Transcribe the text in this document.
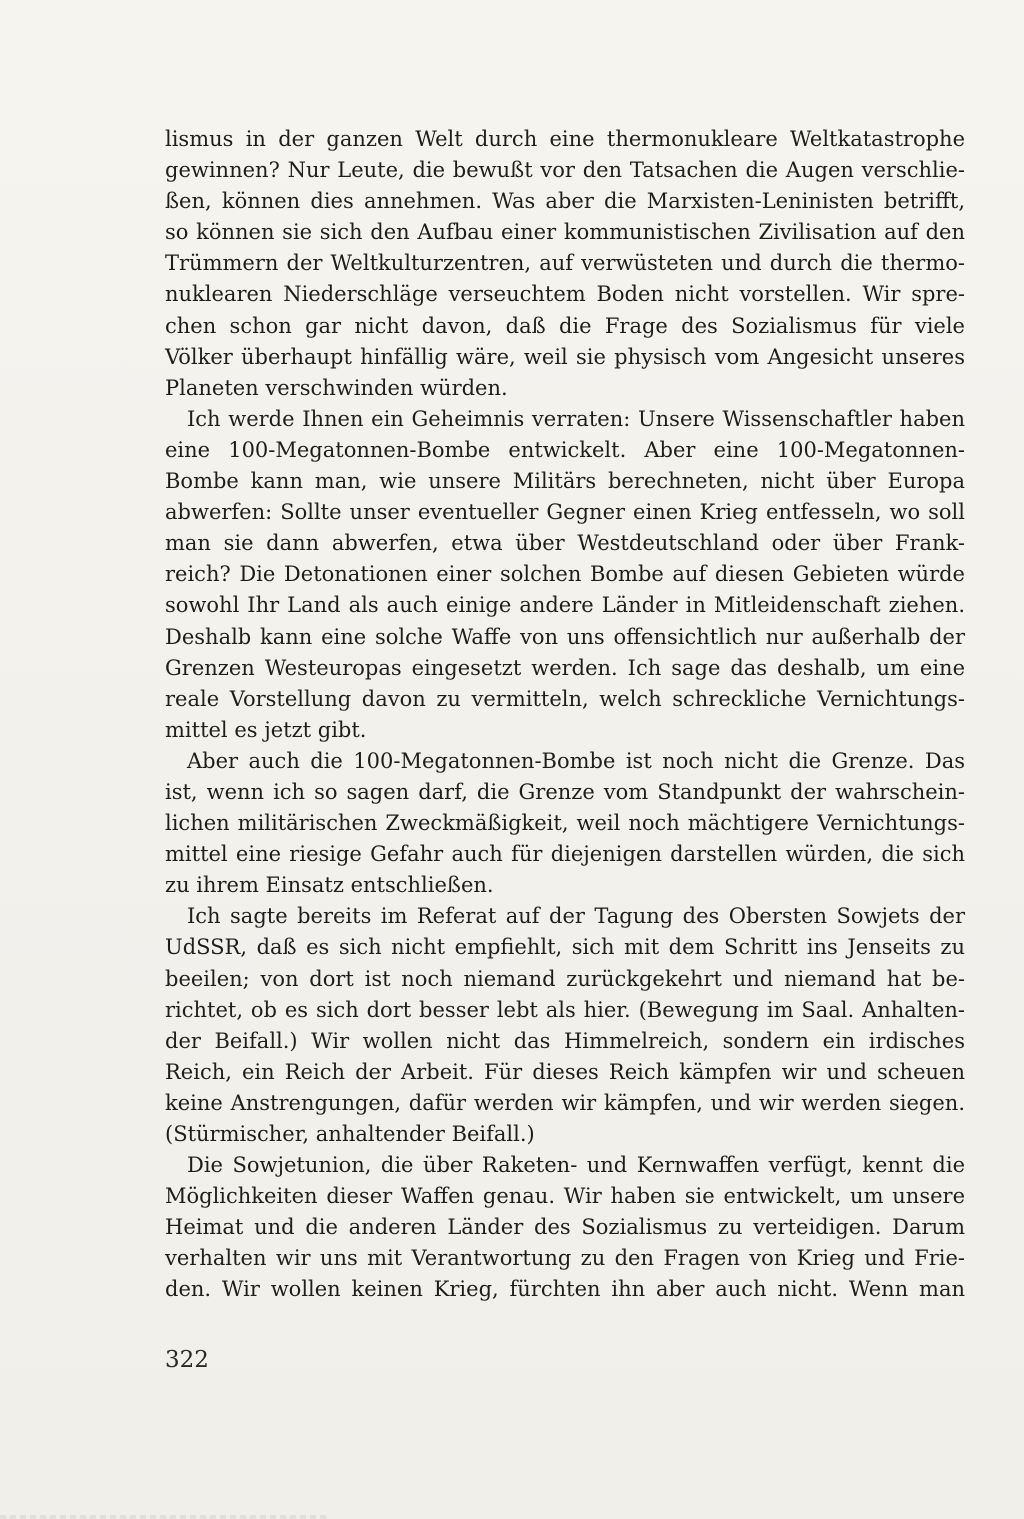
lismus in der ganzen Welt durch eine thermonukleare Weltkatastrophe
gewinnen? Nur Leute, die bewußt vor den Tatsachen die Augen verschlie-
ßen, können dies annehmen. Was aber die Marxisten-Leninisten betrifft,
so können sie sich den Aufbau einer kommunistischen Zivilisation auf den
Trümmern der Weltkulturzentren, auf verwüsteten und durch die thermo-
nuklearen Niederschläge verseuchtem Boden nicht vorstellen. Wir spre-
chen schon gar nicht davon, daß die Frage des Sozialismus für viele
Völker überhaupt hinfällig wäre, weil sie physisch vom Angesicht unseres
Planeten verschwinden würden.
Ich werde Ihnen ein Geheimnis verraten: Unsere Wissenschaftler haben
eine 100-Megatonnen-Bombe entwickelt. Aber eine 100-Megatonnen-
Bombe kann man, wie unsere Militärs berechneten, nicht über Europa
abwerfen: Sollte unser eventueller Gegner einen Krieg entfesseln, wo soll
man sie dann abwerfen, etwa über Westdeutschland oder über Frank-
reich? Die Detonationen einer solchen Bombe auf diesen Gebieten würde
sowohl Ihr Land als auch einige andere Länder in Mitleidenschaft ziehen.
Deshalb kann eine solche Waffe von uns offensichtlich nur außerhalb der
Grenzen Westeuropas eingesetzt werden. Ich sage das deshalb, um eine
reale Vorstellung davon zu vermitteln, welch schreckliche Vernichtungs-
mittel es jetzt gibt.
Aber auch die 100-Megatonnen-Bombe ist noch nicht die Grenze. Das
ist, wenn ich so sagen darf, die Grenze vom Standpunkt der wahrschein-
lichen militärischen Zweckmäßigkeit, weil noch mächtigere Vernichtungs-
mittel eine riesige Gefahr auch für diejenigen darstellen würden, die sich
zu ihrem Einsatz entschließen.
Ich sagte bereits im Referat auf der Tagung des Obersten Sowjets der
UdSSR, daß es sich nicht empfiehlt, sich mit dem Schritt ins Jenseits zu
beeilen; von dort ist noch niemand zurückgekehrt und niemand hat be-
richtet, ob es sich dort besser lebt als hier. (Bewegung im Saal. Anhalten-
der Beifall.) Wir wollen nicht das Himmelreich, sondern ein irdisches
Reich, ein Reich der Arbeit. Für dieses Reich kämpfen wir und scheuen
keine Anstrengungen, dafür werden wir kämpfen, und wir werden siegen.
(Stürmischer, anhaltender Beifall.)
Die Sowjetunion, die über Raketen- und Kernwaffen verfügt, kennt die
Möglichkeiten dieser Waffen genau. Wir haben sie entwickelt, um unsere
Heimat und die anderen Länder des Sozialismus zu verteidigen. Darum
verhalten wir uns mit Verantwortung zu den Fragen von Krieg und Frie-
den. Wir wollen keinen Krieg, fürchten ihn aber auch nicht. Wenn man
322
